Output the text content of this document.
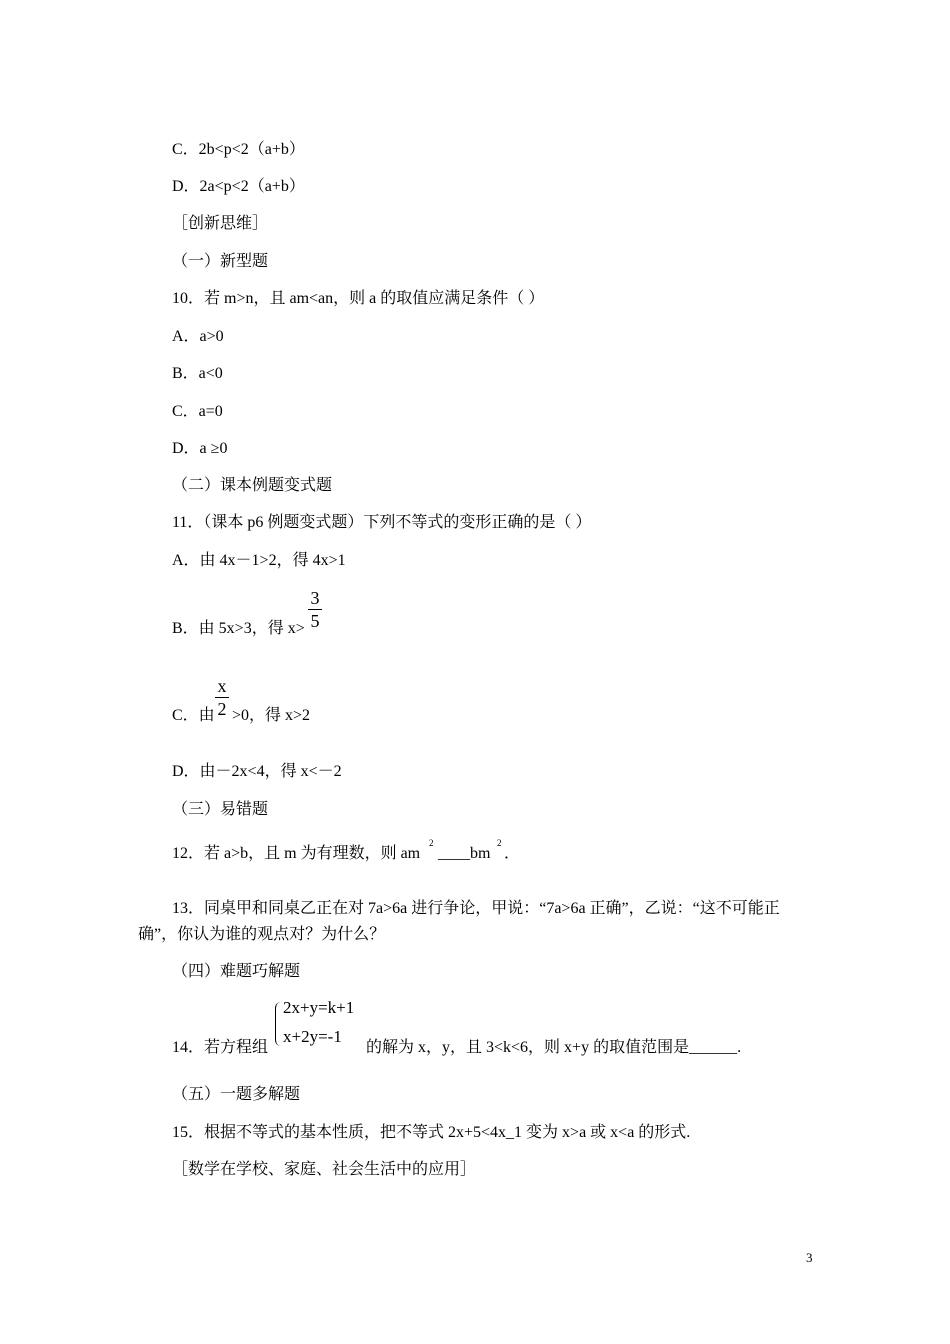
C．2b<p<2（a+b）
D．2a<p<2（a+b）
［创新思维］
（一）新型题
10．若 m>n，且 am<an，则 a 的取值应满足条件（ ）
A．a>0
B．a<0
C．a=0
D．a ≥0
（二）课本例题变式题
11．（课本 p6 例题变式题）下列不等式的变形正确的是（ ）
A．由 4x－1>2，得 4x>1
B．由 5x>3，得 x>
3
5
C．由
x
2 >0，得 x>2
D．由－2x<4，得 x<－2
（三）易错题
12．若 a>b，且 m 为有理数，则 am
2
____bm
2
．
13．同桌甲和同桌乙正在对 7a>6a 进行争论，甲说：“7a>6a 正确”，乙说：“这不可能正
确”，你认为谁的观点对？为什么？
（四）难题巧解题
14．若方程组
2x+y=k+1
x+2y=-1
的解为 x，y，且 3<k<6，则 x+y 的取值范围是______.
（五）一题多解题
15．根据不等式的基本性质，把不等式 2x+5<4x_1 变为 x>a 或 x<a 的形式.
［数学在学校、家庭、社会生活中的应用］
3
